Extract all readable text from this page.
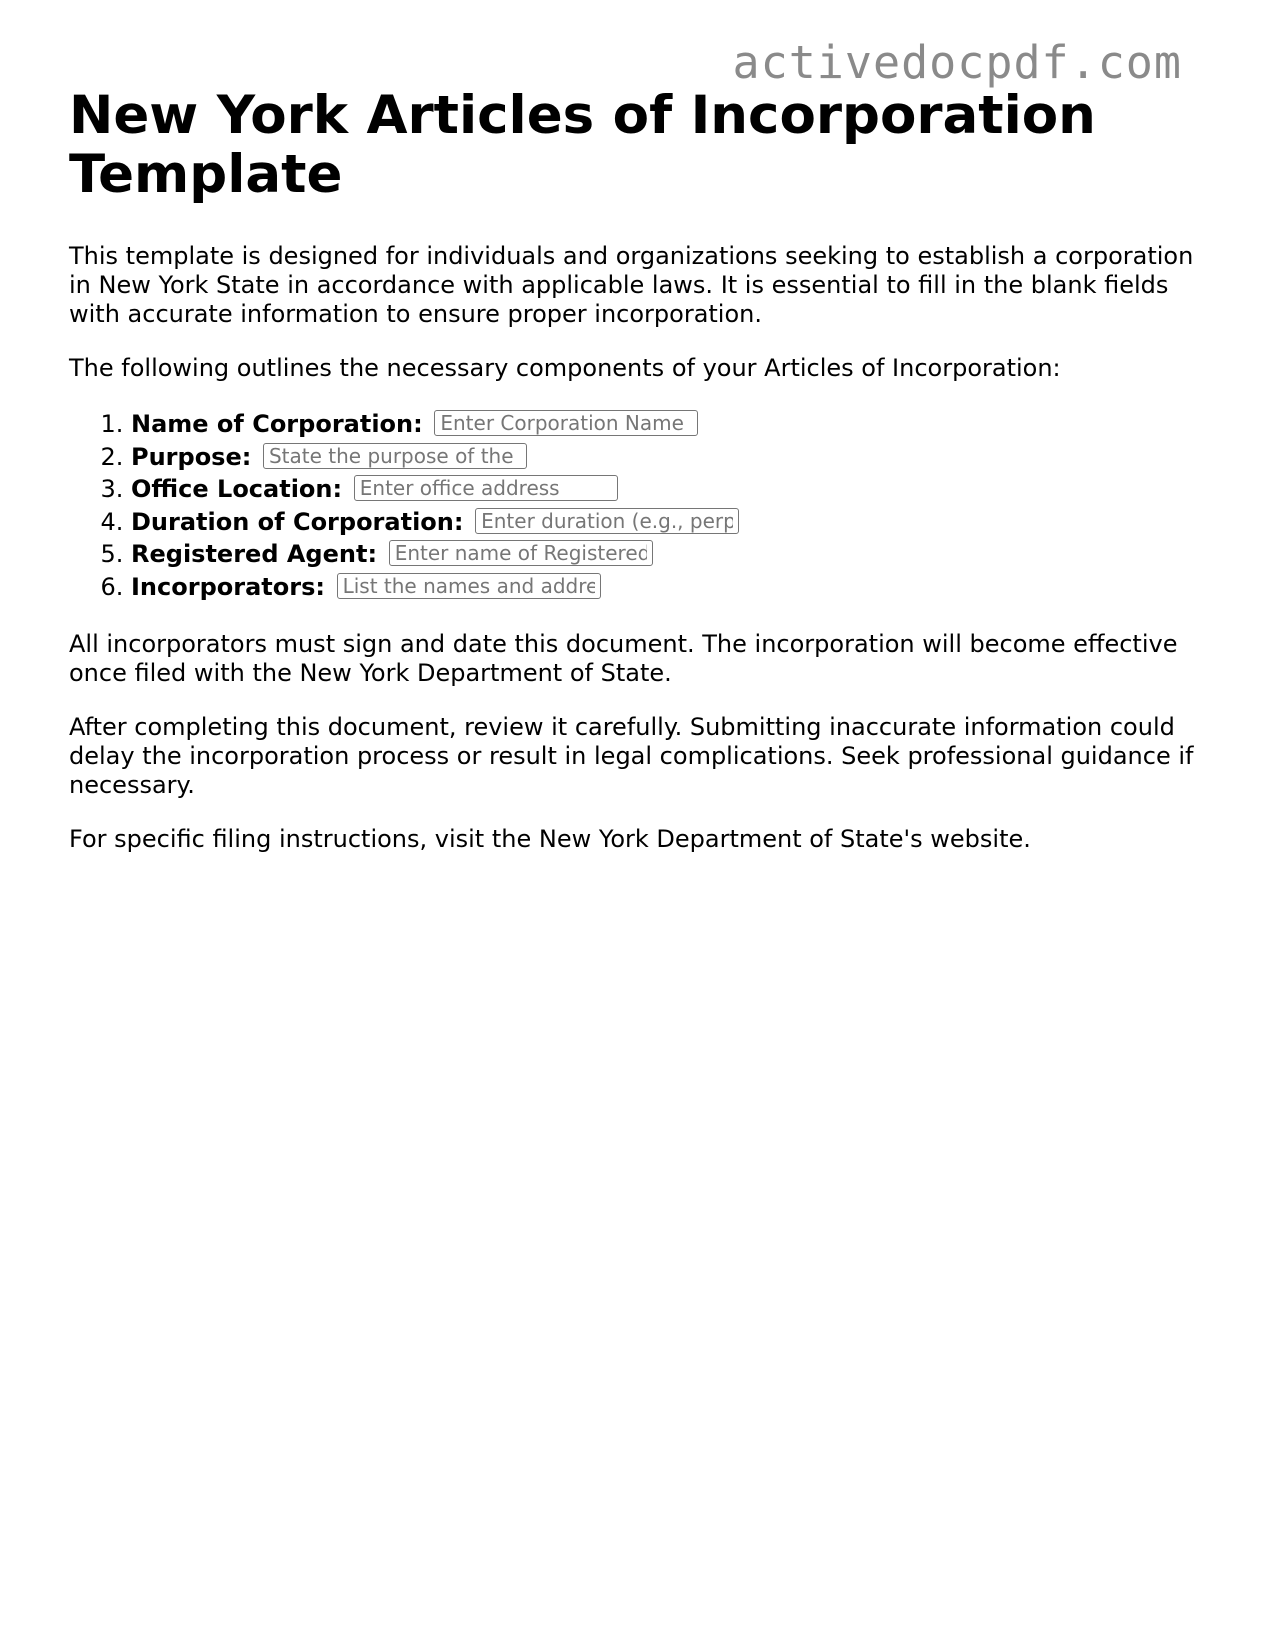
activedocpdf.com
New York Articles of Incorporation Template

This template is designed for individuals and organizations seeking to establish a corporation in New York State in accordance with applicable laws. It is essential to fill in the blank fields with accurate information to ensure proper incorporation.

The following outlines the necessary components of your Articles of Incorporation:

1. Name of Corporation: Enter Corporation Name
2. Purpose: State the purpose of the corporation
3. Office Location: Enter office address
4. Duration of Corporation: Enter duration (e.g., perpetual)
5. Registered Agent: Enter name of Registered Agent
6. Incorporators: List the names and addresses

All incorporators must sign and date this document. The incorporation will become effective once filed with the New York Department of State.

After completing this document, review it carefully. Submitting inaccurate information could delay the incorporation process or result in legal complications. Seek professional guidance if necessary.

For specific filing instructions, visit the New York Department of State's website.
